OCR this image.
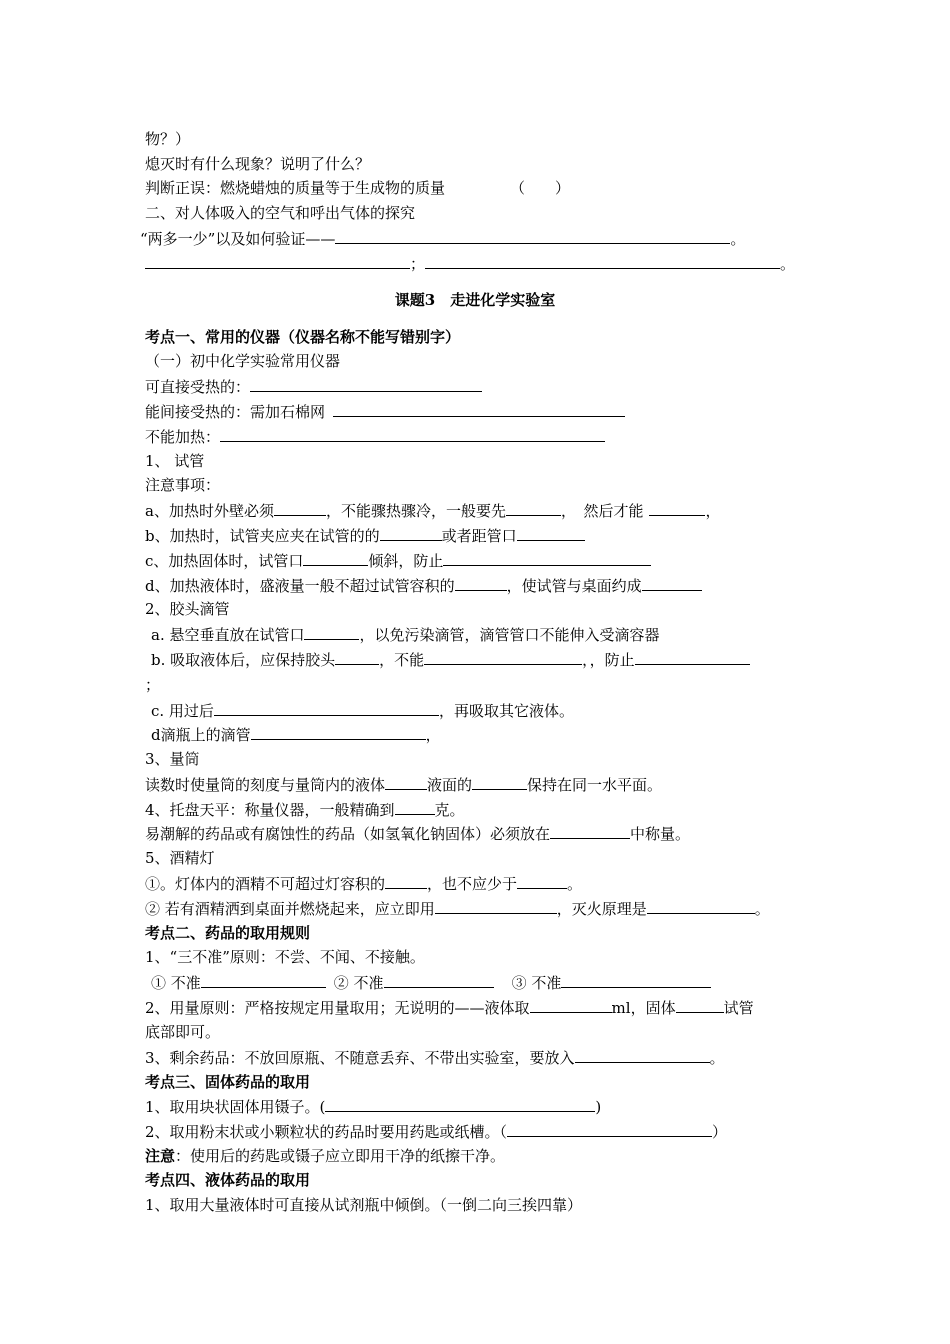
物？）
熄灭时有什么现象？说明了什么？
判断正误：燃烧蜡烛的质量等于生成物的质量	（　　）
二、对人体吸入的空气和呼出气体的探究
“两多一少”以及如何验证——	。
；	。
课题3　走进化学实验室
考点一、常用的仪器（仪器名称不能写错别字）
（一）初中化学实验常用仪器
可直接受热的：
能间接受热的：需加石棉网
不能加热：
1、 试管
注意事项：
a、加热时外壁必须	，不能骤热骤冷，一般要先	，　然后才能	，
b、加热时，试管夹应夹在试管的的	或者距管口
c、加热固体时，试管口	倾斜，防止
d、加热液体时，盛液量一般不超过试管容积的	，使试管与桌面约成
2、胶头滴管
a. 悬空垂直放在试管口	，以免污染滴管，滴管管口不能伸入受滴容器
b. 吸取液体后，应保持胶头	，不能	，，防止
；
c. 用过后	，再吸取其它液体。
d滴瓶上的滴管	，
3、量筒
读数时使量筒的刻度与量筒内的液体	液面的	保持在同一水平面。
4、托盘天平：称量仪器，一般精确到	克。
易潮解的药品或有腐蚀性的药品（如氢氧化钠固体）必须放在	中称量。
5、酒精灯
①。灯体内的酒精不可超过灯容积的	，也不应少于	。
② 若有酒精洒到桌面并燃烧起来，应立即用	，灭火原理是	。
考点二、药品的取用规则
1、“三不准”原则：不尝、不闻、不接触。
① 不准	② 不准	③ 不准
2、用量原则：严格按规定用量取用；无说明的——液体取	ml，固体	试管
底部即可。
3、剩余药品：不放回原瓶、不随意丢弃、不带出实验室，要放入	。
考点三、固体药品的取用
1、取用块状固体用镊子。(	)
2、取用粉末状或小颗粒状的药品时要用药匙或纸槽。（	）
注意：使用后的药匙或镊子应立即用干净的纸擦干净。
考点四、液体药品的取用
1、取用大量液体时可直接从试剂瓶中倾倒。（一倒二向三挨四靠）
